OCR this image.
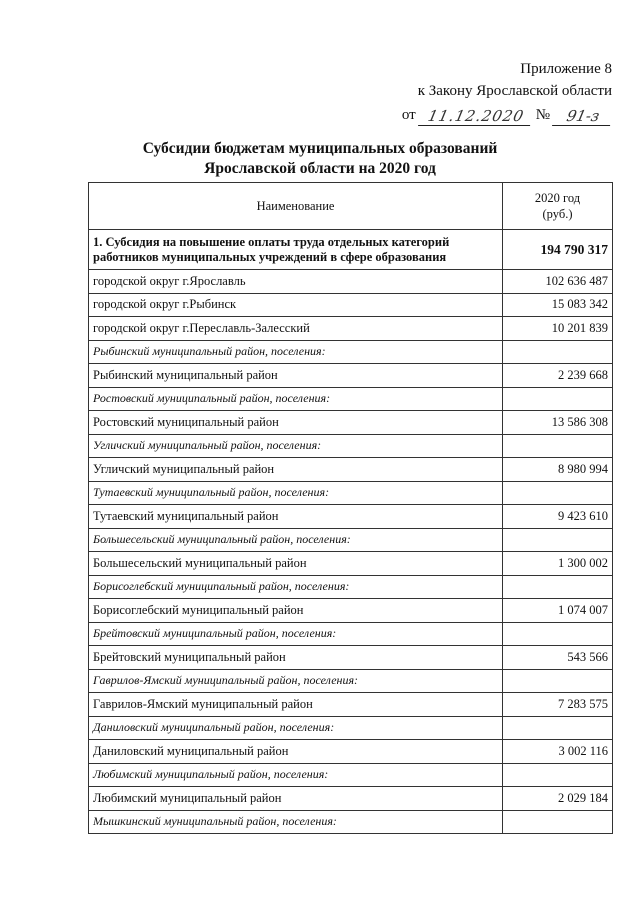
Приложение 8
к Закону Ярославской области
от 11.12.2020 №	91-з
Субсидии бюджетам муниципальных образований
Ярославской области на 2020 год
Наименование	2020 год
(руб.)
1. Субсидия на повышение оплаты труда отдельных категорий работников муниципальных учреждений в сфере образования	194 790 317
городской округ г.Ярославль	102 636 487
городской округ г.Рыбинск	15 083 342
городской округ г.Переславль-Залесский	10 201 839
Рыбинский муниципальный район, поселения:	
Рыбинский муниципальный район	2 239 668
Ростовский муниципальный район, поселения:	
Ростовский муниципальный район	13 586 308
Угличский муниципальный район, поселения:	
Угличский муниципальный район	8 980 994
Тутаевский муниципальный район, поселения:	
Тутаевский муниципальный район	9 423 610
Большесельский муниципальный район, поселения:	
Большесельский муниципальный район	1 300 002
Борисоглебский муниципальный район, поселения:	
Борисоглебский муниципальный район	1 074 007
Брейтовский муниципальный район, поселения:	
Брейтовский муниципальный район	543 566
Гаврилов-Ямский муниципальный район, поселения:	
Гаврилов-Ямский муниципальный район	7 283 575
Даниловский муниципальный район, поселения:	
Даниловский муниципальный район	3 002 116
Любимский муниципальный район, поселения:	
Любимский муниципальный район	2 029 184
Мышкинский муниципальный район, поселения:	
